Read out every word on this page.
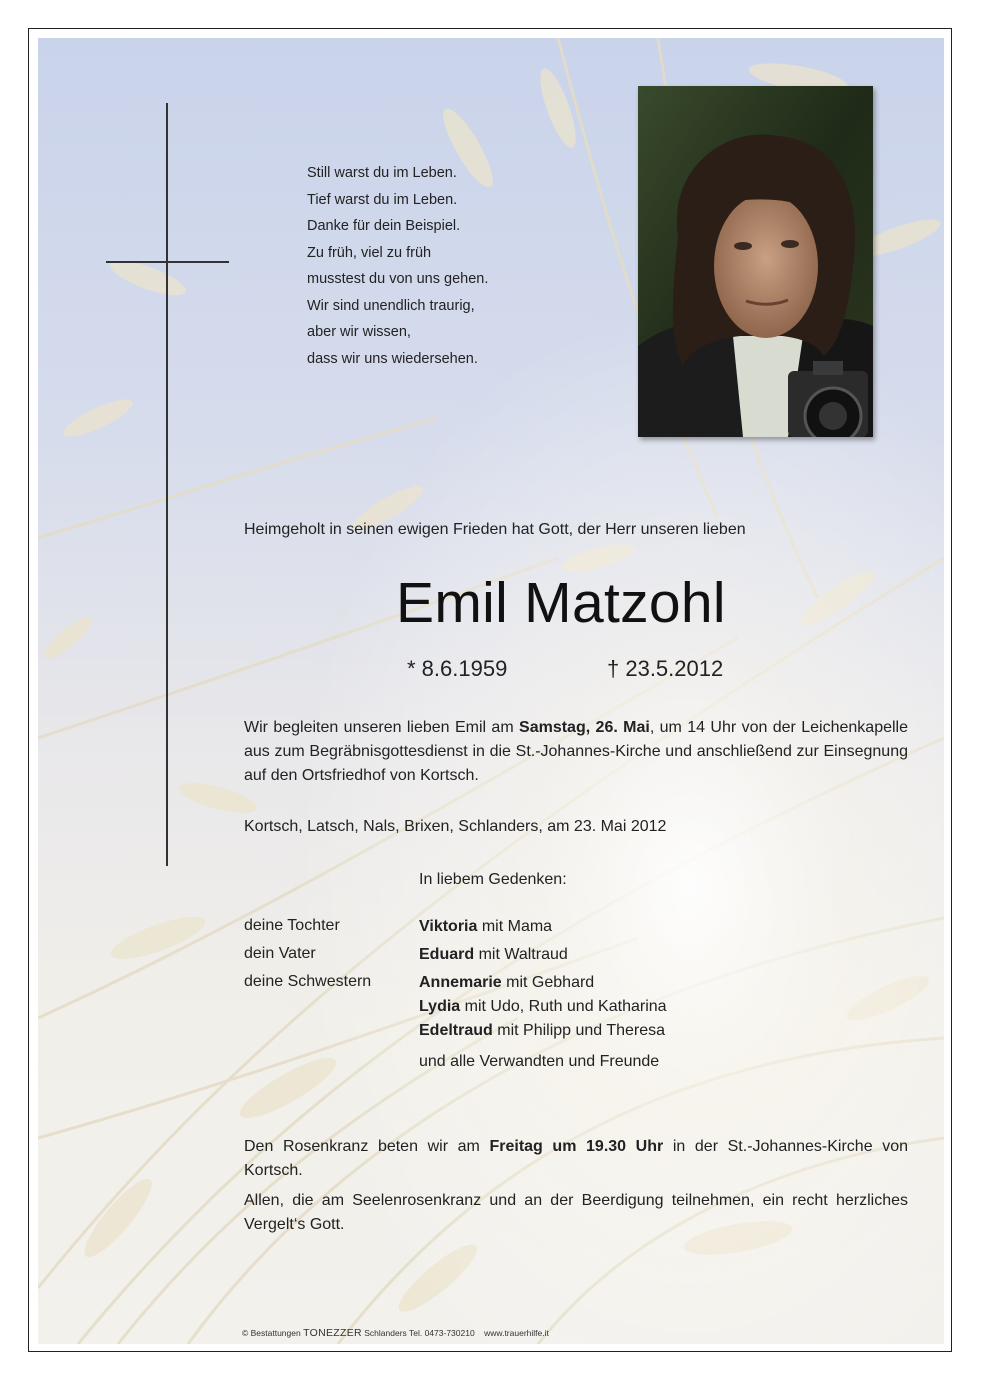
Still warst du im Leben.
Tief warst du im Leben.
Danke für dein Beispiel.
Zu früh, viel zu früh
musstest du von uns gehen.
Wir sind unendlich traurig,
aber wir wissen,
dass wir uns wiedersehen.
Heimgeholt in seinen ewigen Frieden hat Gott, der Herr unseren lieben
Emil Matzohl
* 8.6.1959	† 23.5.2012
Wir begleiten unseren lieben Emil am Samstag, 26. Mai, um 14 Uhr von der Leichenkapelle aus zum Begräbnisgottesdienst in die St.-Johannes-Kirche und anschließend zur Einsegnung auf den Ortsfriedhof von Kortsch.
Kortsch, Latsch, Nals, Brixen, Schlanders, am 23. Mai 2012
In liebem Gedenken:
deine Tochter	Viktoria mit Mama
dein Vater	Eduard mit Waltraud
deine Schwestern	Annemarie mit Gebhard
Lydia mit Udo, Ruth und Katharina
Edeltraud mit Philipp und Theresa
und alle Verwandten und Freunde
Den Rosenkranz beten wir am Freitag um 19.30 Uhr in der St.-Johannes-Kirche von Kortsch.
Allen, die am Seelenrosenkranz und an der Beerdigung teilnehmen, ein recht herzliches Vergelt‘s Gott.
© Bestattungen TONEZZER Schlanders Tel. 0473-730210 www.trauerhilfe.it
